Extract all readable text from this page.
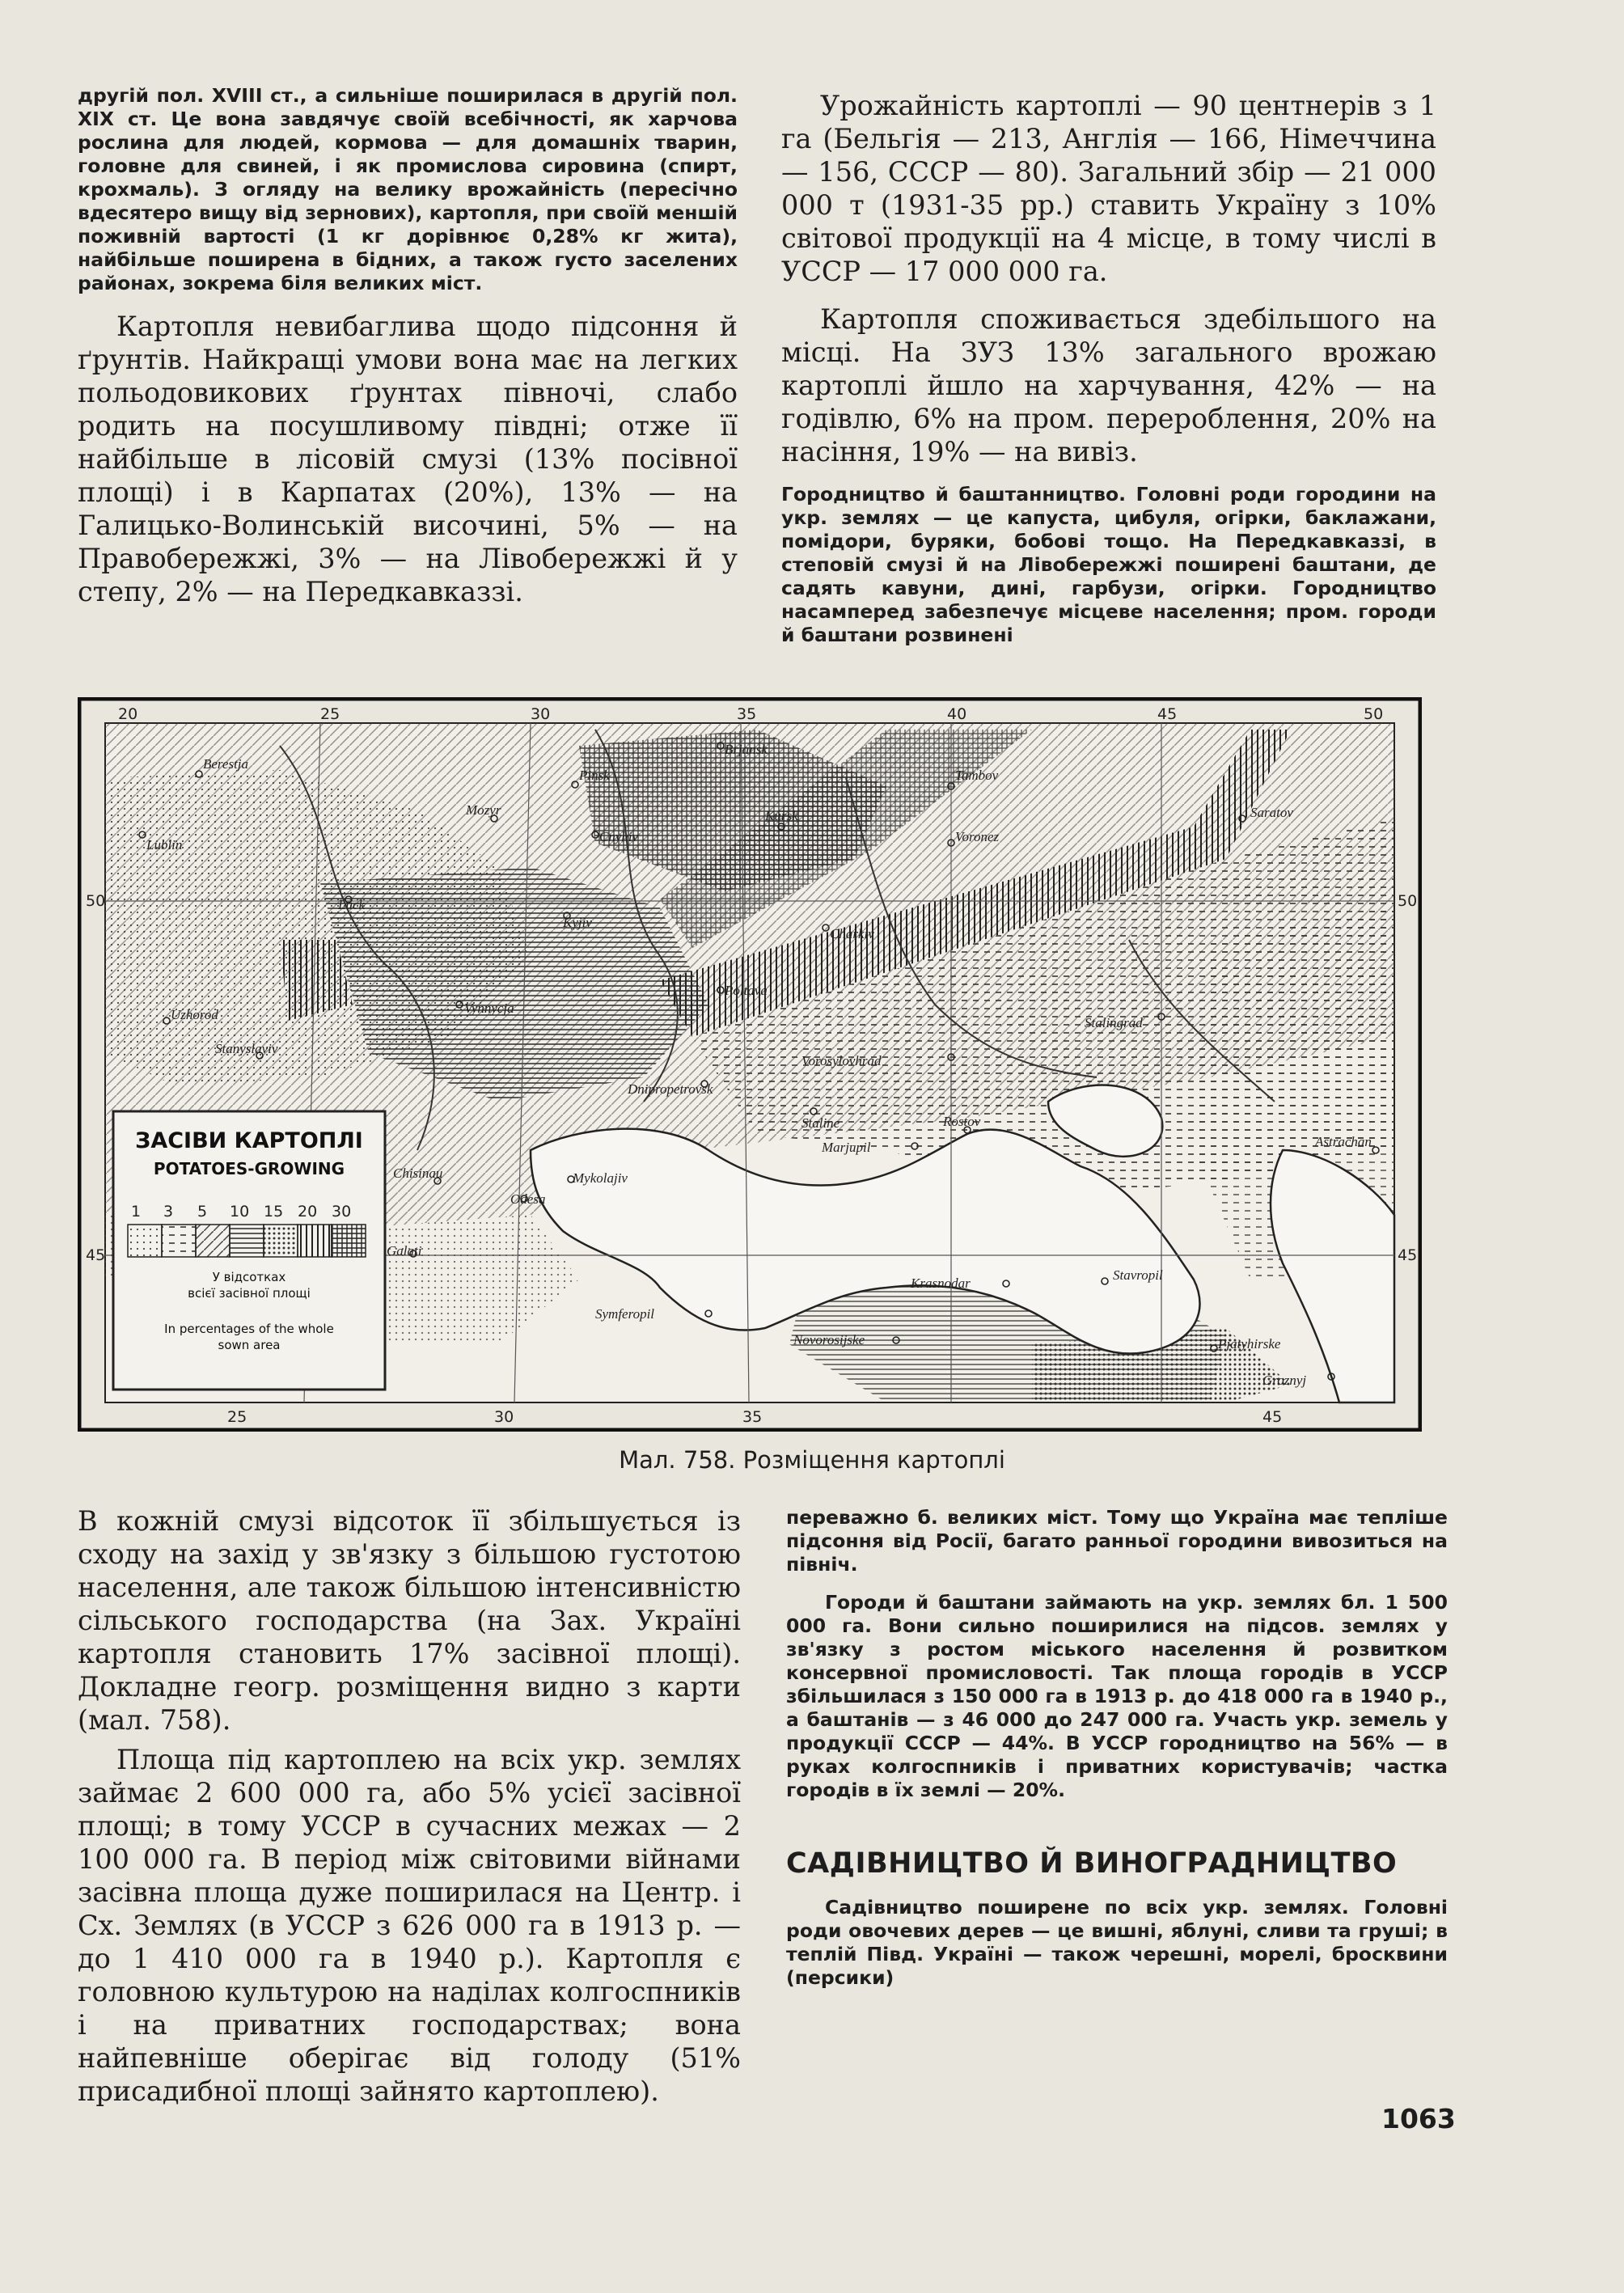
другій пол. XVIII ст., а сильніше поширилася в другій пол. XIX ст. Це вона завдячує своїй всебічності, як харчова рослина для людей, кормова — для домашніх тварин, головне для свиней, і як промислова сировина (спирт, крохмаль). З огляду на велику врожайність (пересічно вдесятеро вищу від зернових), картопля, при своїй меншій поживній вартості (1 кг дорівнює 0,28% кг жита), найбільше поширена в бідних, а також густо заселених районах, зокрема біля великих міст.

Картопля невибаглива щодо підсоння й ґрунтів. Найкращі умови вона має на легких польодовикових ґрунтах півночі, слабо родить на посушливому півдні; отже її найбільше в лісовій смузі (13% посівної площі) і в Карпатах (20%), 13% — на Галицько-Волинській височині, 5% — на Правобережжі, 3% — на Лівобережжі й у степу, 2% — на Передкавказзі.

Урожайність картоплі — 90 центнерів з 1 га (Бельгія — 213, Англія — 166, Німеччина — 156, СССР — 80). Загальний збір — 21 000 000 т (1931-35 рр.) ставить Україну з 10% світової продукції на 4 місце, в тому числі в УССР — 17 000 000 га.

Картопля споживається здебільшого на місці. На ЗУЗ 13% загального врожаю картоплі йшло на харчування, 42% — на годівлю, 6% на пром. перероблення, 20% на насіння, 19% — на вивіз.

Городництво й баштанництво. Головні роди городини на укр. землях — це капуста, цибуля, огірки, баклажани, помідори, буряки, бобові тощо. На Передкавказзі, в степовій смузі й на Лівобережжі поширені баштани, де садять кавуни, дині, гарбузи, огірки. Городництво насамперед забезпечує місцеве населення; пром. городи й баштани розвинені

20	25	30	35	40	45	50
25	30	35	45
50	50
45	45
Brjansk
Tambov
Berestja
Pinsk
Kursk
Voronez
Saratov
Lublin
Mozyr
Cnyhiv
Luck
Kyjiv
Charkiv
Poltava
Uzhorod
Stanyslaviv
Vynnycja
Stalingrad
Vorosylovhrad
Dnipropetrovsk
Staline
Marjupil
Rostov
Chisinau
Odesa
Mykolajiv
Astrachan
Galati
Krasnodar
Stavropil
Symferopil
Novorosijske	Pjatyhirske
Groznyj
ЗАСІВИ КАРТОПЛІ
POTATOES-GROWING
1 3 5 10 15 20 30
У відсотках
всієї засівної площі
In percentages of the whole
sown area
Мал. 758. Розміщення картоплі

В кожній смузі відсоток її збільшується із сходу на захід у зв'язку з більшою густотою населення, але також більшою інтенсивністю сільського господарства (на Зах. Україні картопля становить 17% засівної площі). Докладне геогр. розміщення видно з карти (мал. 758).

Площа під картоплею на всіх укр. землях займає 2 600 000 га, або 5% усієї засівної площі; в тому УССР в сучасних межах — 2 100 000 га. В період між світовими війнами засівна площа дуже поширилася на Центр. і Сх. Землях (в УССР з 626 000 га в 1913 р. — до 1 410 000 га в 1940 р.). Картопля є головною культурою на наділах колгоспників і на приватних господарствах; вона найпевніше оберігає від голоду (51% присадибної площі зайнято картоплею).

переважно б. великих міст. Тому що Україна має тепліше підсоння від Росії, багато ранньої городини вивозиться на північ.

Городи й баштани займають на укр. землях бл. 1 500 000 га. Вони сильно поширилися на підсов. землях у зв'язку з ростом міського населення й розвитком консервної промисловості. Так площа городів в УССР збільшилася з 150 000 га в 1913 р. до 418 000 га в 1940 р., а баштанів — з 46 000 до 247 000 га. Участь укр. земель у продукції СССР — 44%. В УССР городництво на 56% — в руках колгоспників і приватних користувачів; частка городів в їх землі — 20%.

САДІВНИЦТВО Й ВИНОГРАДНИЦТВО

Садівництво поширене по всіх укр. землях. Головні роди овочевих дерев — це вишні, яблуні, сливи та груші; в теплій Півд. Україні — також черешні, морелі, бросквини (персики)

1063
